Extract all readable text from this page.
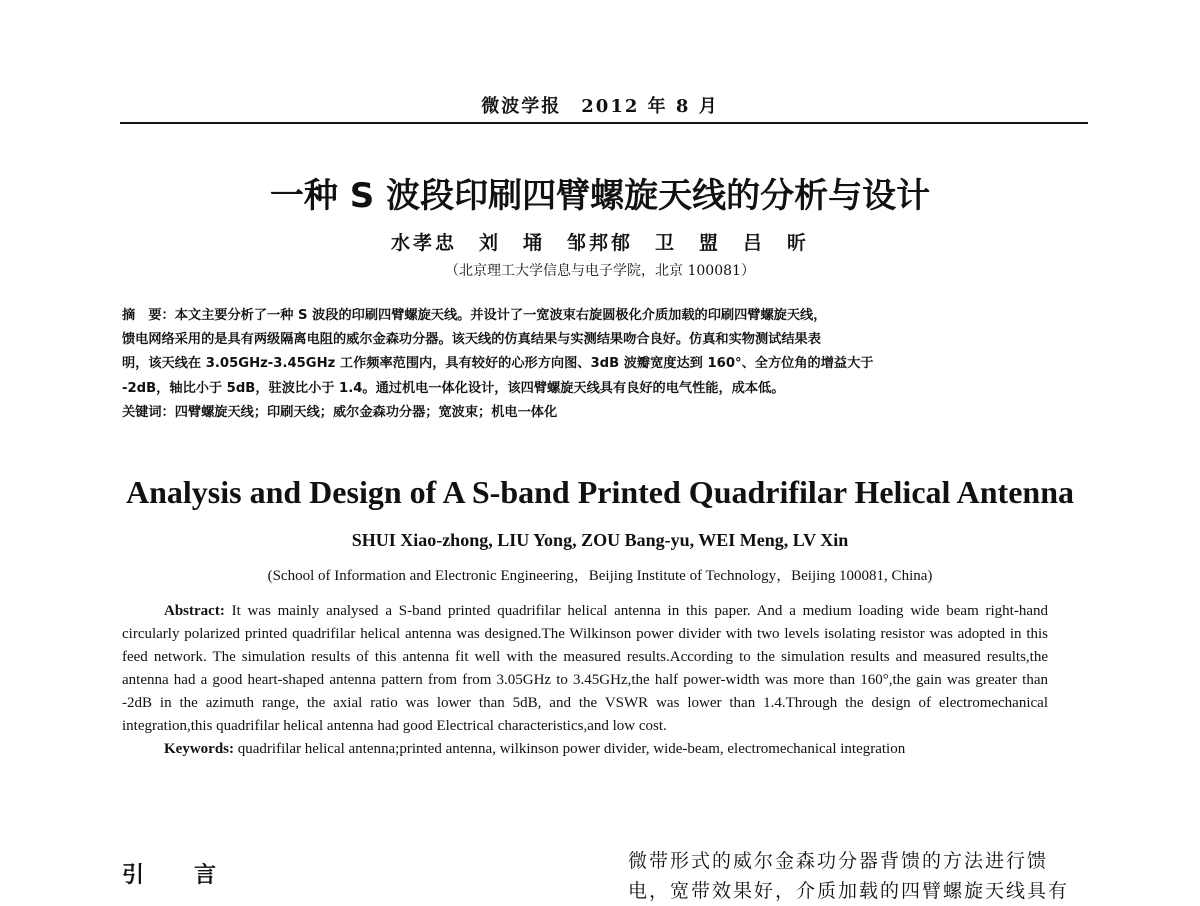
微波学报　2012 年 8 月
一种 S 波段印刷四臂螺旋天线的分析与设计
水孝忠　刘　埇　邹邦郁　卫　盟　吕　昕
（北京理工大学信息与电子学院，北京 100081）
摘　要：本文主要分析了一种 S 波段的印刷四臂螺旋天线。并设计了一宽波束右旋圆极化介质加载的印刷四臂螺旋天线，
馈电网络采用的是具有两级隔离电阻的威尔金森功分器。该天线的仿真结果与实测结果吻合良好。仿真和实物测试结果表
明，该天线在 3.05GHz-3.45GHz 工作频率范围内，具有较好的心形方向图、3dB 波瓣宽度达到 160°、全方位角的增益大于
-2dB，轴比小于 5dB，驻波比小于 1.4。通过机电一体化设计，该四臂螺旋天线具有良好的电气性能，成本低。
关键词：四臂螺旋天线；印刷天线；威尔金森功分器；宽波束；机电一体化
Analysis and Design of A S-band Printed Quadrifilar Helical Antenna
SHUI Xiao-zhong, LIU Yong, ZOU Bang-yu, WEI Meng, LV Xin
(School of Information and Electronic Engineering，Beijing Institute of Technology，Beijing 100081, China)

Abstract: It was mainly analysed a S-band printed quadrifilar helical antenna in this paper. And a medium loading wide beam right-hand circularly polarized printed quadrifilar helical antenna was designed.The Wilkinson power divider with two levels isolating resistor was adopted in this feed network. The simulation results of this antenna fit well with the measured results.According to the simulation results and measured results,the antenna had a good heart-shaped antenna pattern from from 3.05GHz to 3.45GHz,the half power-width was more than 160°,the gain was greater than -2dB in the azimuth range, the axial ratio was lower than 5dB, and the VSWR was lower than 1.4.Through the design of electromechanical integration,this quadrifilar helical antenna had good Electrical characteristics,and low cost.

Keywords: quadrifilar helical antenna;printed antenna, wilkinson power divider, wide-beam, electromechanical integration

引　言
微带形式的威尔金森功分器背馈的方法进行馈
电，宽带效果好，介质加载的四臂螺旋天线具有
